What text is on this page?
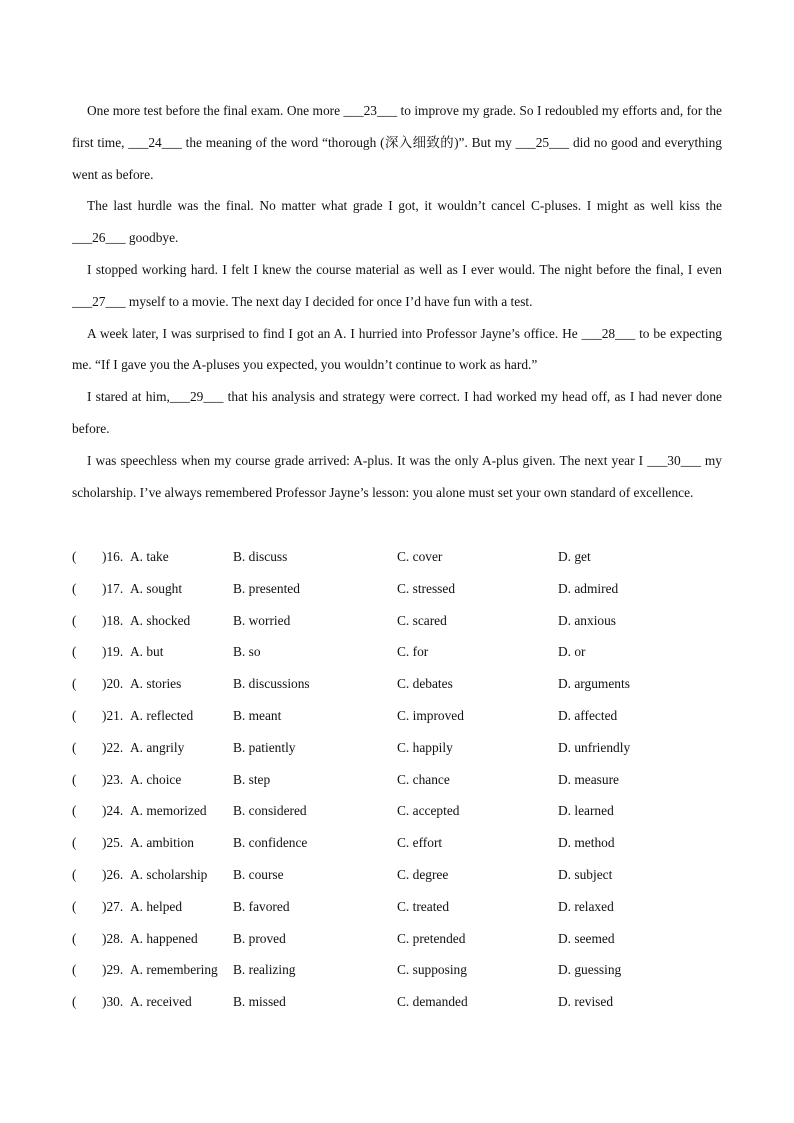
One more test before the final exam. One more ___23___ to improve my grade. So I redoubled my efforts and, for the first time, ___24___ the meaning of the word “thorough (深入细致的)”. But my ___25___ did no good and everything went as before.

The last hurdle was the final. No matter what grade I got, it wouldn’t cancel C-pluses. I might as well kiss the ___26___ goodbye.

I stopped working hard. I felt I knew the course material as well as I ever would. The night before the final, I even ___27___ myself to a movie. The next day I decided for once I’d have fun with a test.

A week later, I was surprised to find I got an A. I hurried into Professor Jayne’s office. He ___28___ to be expecting me. “If I gave you the A-pluses you expected, you wouldn’t continue to work as hard.”

I stared at him,___29___ that his analysis and strategy were correct. I had worked my head off, as I had never done before.

I was speechless when my course grade arrived: A-plus. It was the only A-plus given. The next year I ___30___ my scholarship. I’ve always remembered Professor Jayne’s lesson: you alone must set your own standard of excellence.

( )16. A. take	B. discuss	C. cover	D. get
( )17. A. sought	B. presented	C. stressed	D. admired
( )18. A. shocked	B. worried	C. scared	D. anxious
( )19. A. but	B. so	C. for	D. or
( )20. A. stories	B. discussions	C. debates	D. arguments
( )21. A. reflected	B. meant	C. improved	D. affected
( )22. A. angrily	B. patiently	C. happily	D. unfriendly
( )23. A. choice	B. step	C. chance	D. measure
( )24. A. memorized B. considered	C. accepted	D. learned
( )25. A. ambition	B. confidence	C. effort	D. method
( )26. A. scholarship B. course	C. degree	D. subject
( )27. A. helped	B. favored	C. treated	D. relaxed
( )28. A. happened	B. proved	C. pretended	D. seemed
( )29. A. remembering B. realizing	C. supposing	D. guessing
( )30. A. received	B. missed	C. demanded	D. revised
